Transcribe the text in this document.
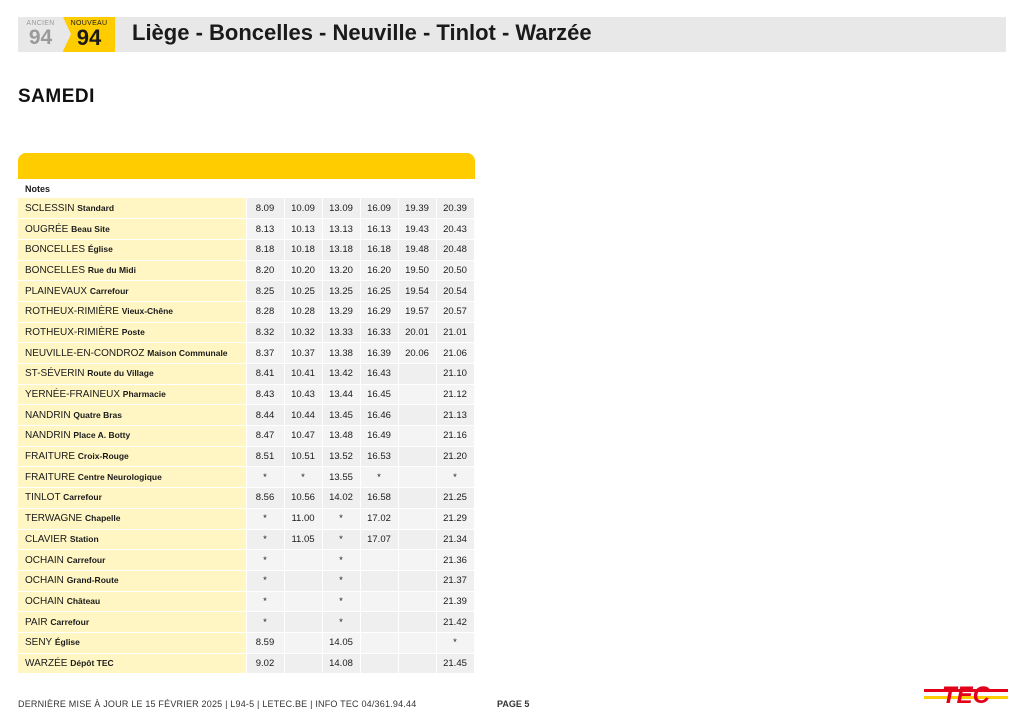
ANCIEN
94
NOUVEAU
94	Liège - Boncelles - Neuville - Tinlot - Warzée
SAMEDI
Notes
SCLESSIN Standard	8.09	10.09	13.09	16.09	19.39	20.39
OUGRÉE Beau Site	8.13	10.13	13.13	16.13	19.43	20.43
BONCELLES Église	8.18	10.18	13.18	16.18	19.48	20.48
BONCELLES Rue du Midi	8.20	10.20	13.20	16.20	19.50	20.50
PLAINEVAUX Carrefour	8.25	10.25	13.25	16.25	19.54	20.54
ROTHEUX-RIMIÈRE Vieux-Chêne	8.28	10.28	13.29	16.29	19.57	20.57
ROTHEUX-RIMIÈRE Poste	8.32	10.32	13.33	16.33	20.01	21.01
NEUVILLE-EN-CONDROZ Maison Communale	8.37	10.37	13.38	16.39	20.06	21.06
ST-SÉVERIN Route du Village	8.41	10.41	13.42	16.43		21.10
YERNÉE-FRAINEUX Pharmacie	8.43	10.43	13.44	16.45		21.12
NANDRIN Quatre Bras	8.44	10.44	13.45	16.46		21.13
NANDRIN Place A. Botty	8.47	10.47	13.48	16.49		21.16
FRAITURE Croix-Rouge	8.51	10.51	13.52	16.53		21.20
FRAITURE Centre Neurologique	*	*	13.55	*		*
TINLOT Carrefour	8.56	10.56	14.02	16.58		21.25
TERWAGNE Chapelle	*	11.00	*	17.02		21.29
CLAVIER Station	*	11.05	*	17.07		21.34
OCHAIN Carrefour	*		*			21.36
OCHAIN Grand-Route	*		*			21.37
OCHAIN Château	*		*			21.39
PAIR Carrefour	*		*			21.42
SENY Église	8.59		14.05			*
WARZÉE Dépôt TEC	9.02		14.08			21.45
DERNIÈRE MISE À JOUR LE 15 FÉVRIER 2025 | L94-5 | LETEC.BE | INFO TEC 04/361.94.44	PAGE 5	TEC
